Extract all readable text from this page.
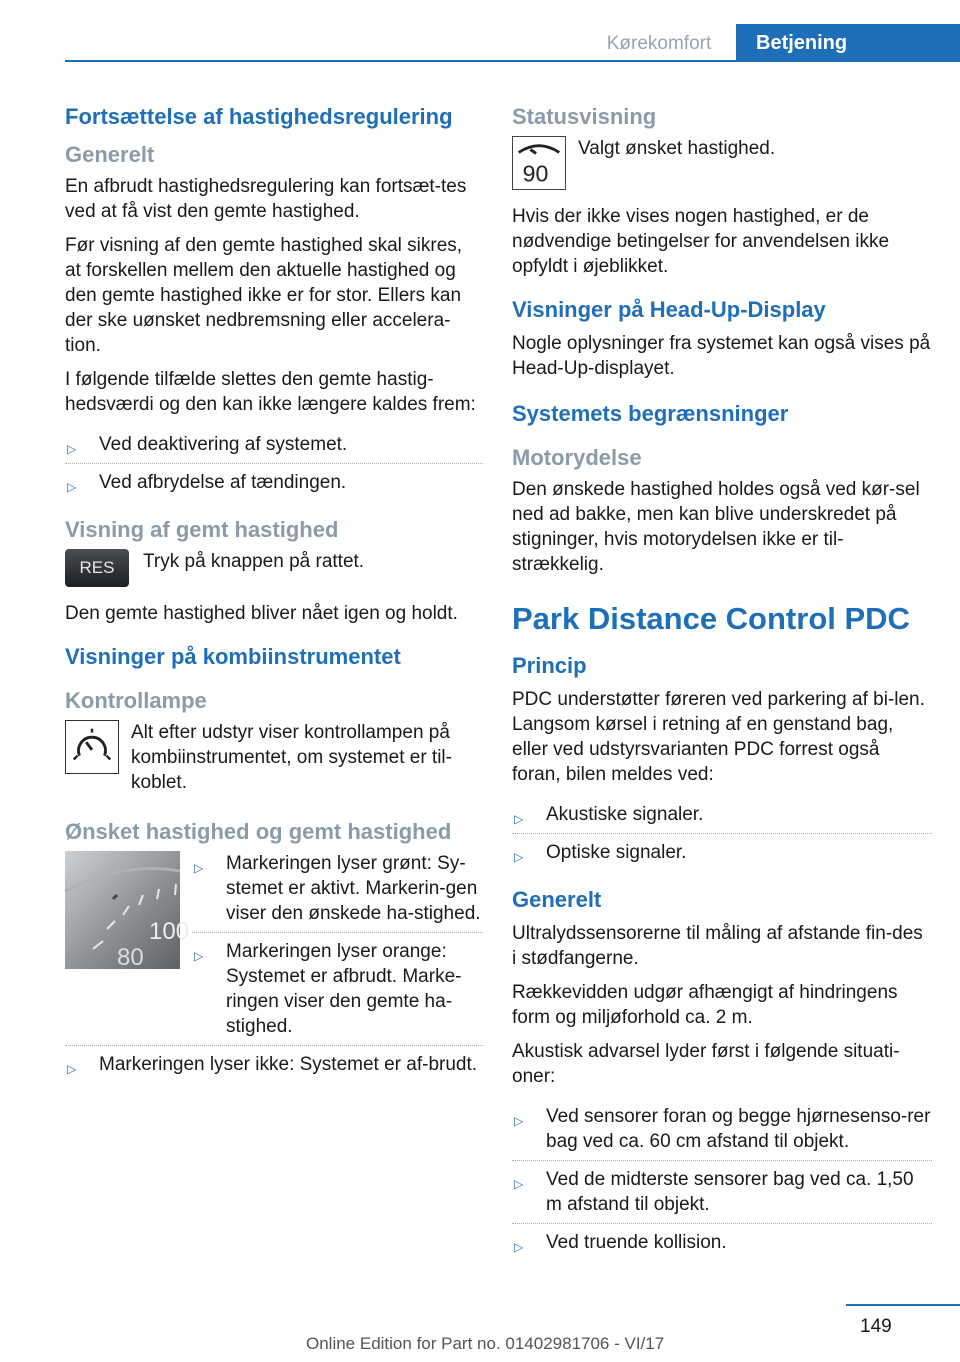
Kørekomfort	Betjening
Fortsættelse af hastighedsregulering
Generelt

En afbrudt hastighedsregulering kan fortsæt-tes ved at få vist den gemte hastighed.

Før visning af den gemte hastighed skal sikres, at forskellen mellem den aktuelle hastighed og den gemte hastighed ikke er for stor. Ellers kan der ske uønsket nedbremsning eller accelera-tion.

I følgende tilfælde slettes den gemte hastig-hedsværdi og den kan ikke længere kaldes frem:

▷ Ved deaktivering af systemet.
▷ Ved afbrydelse af tændingen.
Visning af gemt hastighed
RES	Tryk på knappen på rattet.

Den gemte hastighed bliver nået igen og holdt.

Visninger på kombiinstrumentet
Kontrollampe
Alt efter udstyr viser kontrollampen på kombiinstrumentet, om systemet er til-koblet.
Ønsket hastighed og gemt hastighed
100
80
▷ Markeringen lyser grønt: Sy-stemet er aktivt. Markerin-gen viser den ønskede ha-stighed.
▷ Markeringen lyser orange: Systemet er afbrudt. Marke-ringen viser den gemte ha-stighed.
▷ Markeringen lyser ikke: Systemet er af-brudt.
Statusvisning
90
Valgt ønsket hastighed.

Hvis der ikke vises nogen hastighed, er de nødvendige betingelser for anvendelsen ikke opfyldt i øjeblikket.

Visninger på Head-Up-Display

Nogle oplysninger fra systemet kan også vises på Head-Up-displayet.

Systemets begrænsninger
Motorydelse

Den ønskede hastighed holdes også ved kør-sel ned ad bakke, men kan blive underskredet på stigninger, hvis motorydelsen ikke er til-strækkelig.

Park Distance Control PDC
Princip

PDC understøtter føreren ved parkering af bi-len. Langsom kørsel i retning af en genstand bag, eller ved udstyrsvarianten PDC forrest også foran, bilen meldes ved:

▷ Akustiske signaler.
▷ Optiske signaler.
Generelt

Ultralydssensorerne til måling af afstande fin-des i stødfangerne.

Rækkevidden udgør afhængigt af hindringens form og miljøforhold ca. 2 m.

Akustisk advarsel lyder først i følgende situati-oner:

▷ Ved sensorer foran og begge hjørnesenso-rer bag ved ca. 60 cm afstand til objekt.
▷ Ved de midterste sensorer bag ved ca. 1,50 m afstand til objekt.
▷ Ved truende kollision.
149
Online Edition for Part no. 01402981706 - VI/17
